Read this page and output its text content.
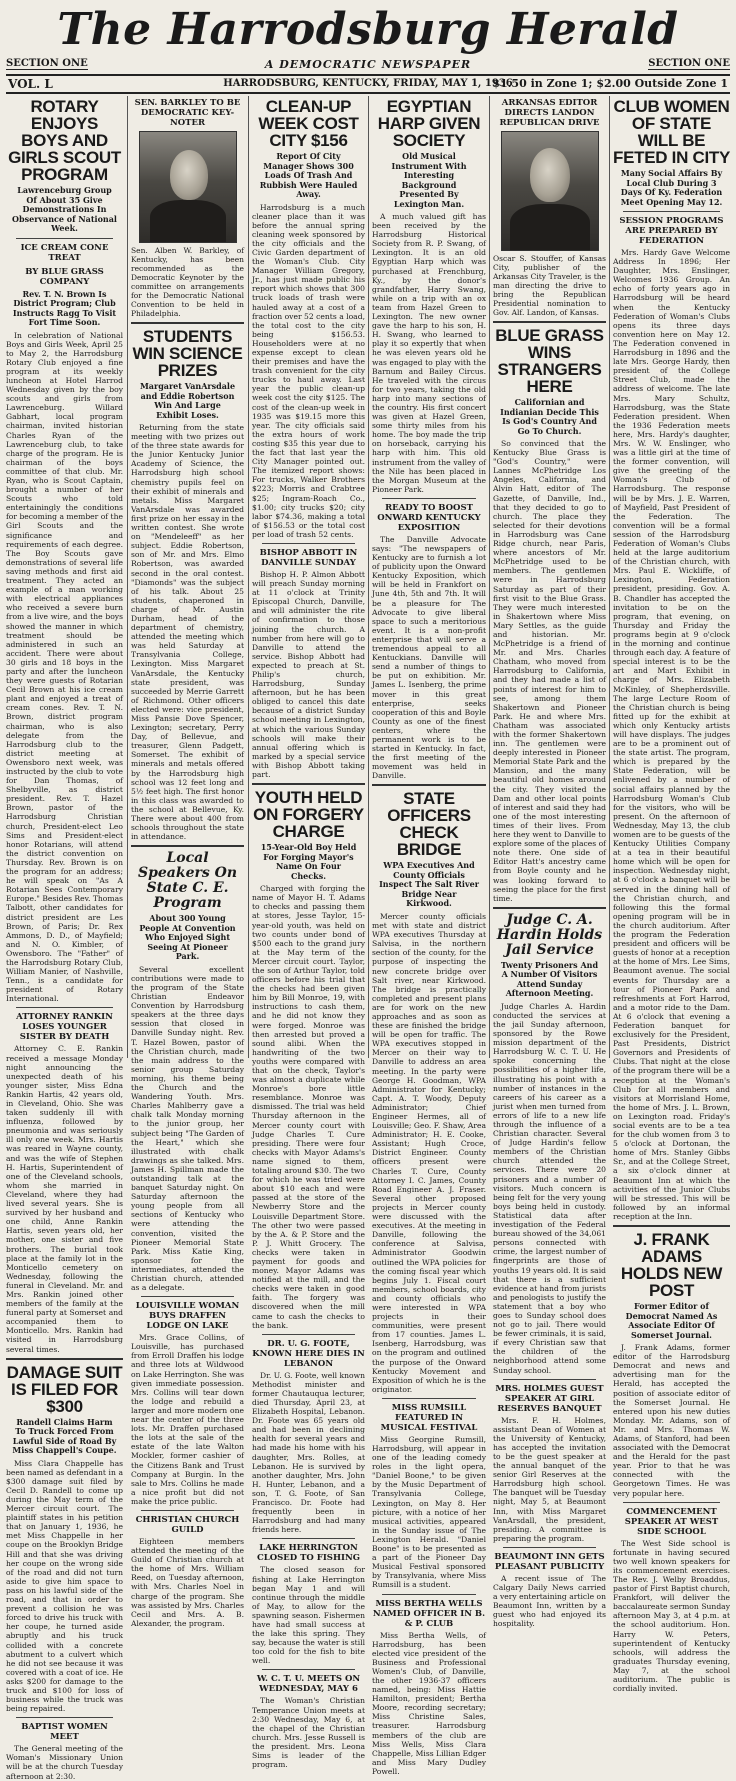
The Harrodsburg Herald
A DEMOCRATIC NEWSPAPER
SECTION ONE	SECTION ONE
HARRODSBURG, KENTUCKY, FRIDAY, MAY 1, 1936
VOL. L	$1.50 in Zone 1; $2.00 Outside Zone 1
ROTARY ENJOYS BOYS AND GIRLS SCOUT PROGRAM
Lawrenceburg Group Of About 35 Give Demonstrations In Observance of National Week.
ICE CREAM CONE TREAT
BY BLUE GRASS COMPANY
Rev. T. N. Brown Is District Program; Club Instructs Ragg To Visit Fort Time Soon.

In celebration of National Boys and Girls Week, April 25 to May 2, the Harrodsburg Rotary Club enjoyed a fine program at its weekly luncheon at Hotel Harrod Wednesday given by the boy scouts and girls from Lawrenceburg. Willard Gabhart, local program chairman, invited historian Charles Ryan of the Lawrenceburg club, to take charge of the program. He is chairman of the boys committee of that club. Mr. Ryan, who is Scout Captain, brought a number of her Scouts who told entertainingly the conditions for becoming a member of the Girl Scouts and the significance and requirements of each degree. The Boy Scouts gave demonstrations of several life saving methods and first aid treatment. They acted an example of a man working with electrical appliances who received a severe burn from a live wire, and the boys showed the manner in which treatment should be administered in such an accident. There were about 30 girls and 18 boys in the party and after the luncheon they were guests of Rotarian Cecil Brown at his ice cream plant and enjoyed a treat of cream cones. Rev. T. N. Brown, district program chairman, who is also delegate from the Harrodsburg club to the district meeting at Owensboro next week, was instructed by the club to vote for Dan Thomas, of Shelbyville, as district president. Rev. T. Hazel Brown, pastor of the Harrodsburg Christian church, President-elect Leo Sims and President-elect honor Rotarians, will attend the district convention on Thursday. Rev. Brown is on the program for an address; he will speak on "As A Rotarian Sees Contemporary Europe." Besides Rev. Thomas Talbott, other candidates for district president are Les Brown, of Paris; Dr. Rex Ammons, D. D., of Mayfield; and N. O. Kimbler, of Owensboro. The "Father" of the Harrodsburg Rotary Club, William Manier, of Nashville, Tenn., is a candidate for president of Rotary International.

ATTORNEY RANKIN LOSES YOUNGER SISTER BY DEATH

Attorney C. E. Rankin received a message Monday night announcing the unexpected death of his younger sister, Miss Edna Rankin Hartis, 42 years old, in Cleveland, Ohio. She was taken suddenly ill with influenza, followed by pneumonia and was seriously ill only one week. Mrs. Hartis was reared in Wayne county, and was the wife of Stephen H. Hartis, Superintendent of one of the Cleveland schools, whom she married in Cleveland, where they had lived several years. She is survived by her husband and one child, Anne Rankin Hartis, seven years old, her mother, one sister and five brothers. The burial took place at the family lot in the Monticello cemetery on Wednesday, following the funeral in Cleveland. Mr. and Mrs. Rankin joined other members of the family at the funeral party at Somerset and accompanied them to Monticello. Mrs. Rankin had visited in Harrodsburg several times.

DAMAGE SUIT IS FILED FOR $300
Randell Claims Harm To Truck Forced From Lawful Side of Road By Miss Chappell's Coupe.

Miss Clara Chappelle has been named as defendant in a $300 damage suit filed by Cecil D. Randell to come up during the May term of the Mercer circuit court. The plaintiff states in his petition that on January 1, 1936, he met Miss Chappelle in her coupe on the Brooklyn Bridge Hill and that she was driving her coupe on the wrong side of the road and did not turn aside to give him space to pass on his lawful side of the road, and that in order to prevent a collision he was forced to drive his truck with her coupe, he turned aside abruptly and his truck collided with a concrete abutment to a culvert which he did not see because it was covered with a coat of ice. He asks $200 for damage to the truck and $100 for loss of business while the truck was being repaired.

BAPTIST WOMEN MEET

The General meeting of the Woman's Missionary Union will be at the church Tuesday afternoon at 2:30.

SEN. BARKLEY TO BE DEMOCRATIC KEY-NOTER
Sen. Alben W. Barkley, of Kentucky, has been recommended as the Democratic Keynoter by the committee on arrangements for the Democratic National Convention to be held in Philadelphia.
STUDENTS WIN SCIENCE PRIZES
Margaret VanArsdale and Eddie Robertson Win And Large Exhibit Loses.

Returning from the state meeting with two prizes out of the three state awards for the Junior Kentucky Junior Academy of Science, the Harrodsburg high school chemistry pupils feel on their exhibit of minerals and metals. Miss Margaret VanArsdale was awarded first prize on her essay in the written contest. She wrote on "Mendeleeff" as her subject. Eddie Robertson, son of Mr. and Mrs. Elmo Robertson, was awarded second in the oral contest. "Diamonds" was the subject of his talk. About 25 students, chaperoned in charge of Mr. Austin Durham, head of the department of chemistry, attended the meeting which was held Saturday at Transylvania College, Lexington. Miss Margaret VanArsdale, the Kentucky state president, was succeeded by Merrie Garrett of Richmond. Other officers elected were: vice president, Miss Pansie Dove Spencer, Lexington; secretary, Perry Day, of Bellevue, and treasurer, Glenn Padgett, Somerset. The exhibit of minerals and metals offered by the Harrodsburg high school was 12 feet long and 5½ feet high. The first honor in this class was awarded to the school at Bellevue, Ky. There were about 400 from schools throughout the state in attendance.

Local Speakers On State C. E. Program
About 300 Young People At Convention Who Enjoyed Sight Seeing At Pioneer Park.

Several excellent contributions were made to the program of the State Christian Endeavor Convention by Harrodsburg speakers at the three days session that closed in Danville Sunday night. Rev. T. Hazel Bowen, pastor of the Christian church, made the main address to the senior group Saturday morning, his theme being the Church and the Wandering Youth. Mrs. Charles Mahlberry gave a chalk talk Monday morning to the junior group, her subject being "The Garden of the Heart," which she illustrated with chalk drawings as she talked. Mrs. James H. Spillman made the outstanding talk at the banquet Saturday night. On Saturday afternoon the young people from all sections of Kentucky who were attending the convention, visited the Pioneer Memorial State Park. Miss Katie King, sponsor for the intermediates, attended the Christian church, attended as a delegate.

LOUISVILLE WOMAN BUYS DRAFFEN LODGE ON LAKE

Mrs. Grace Collins, of Louisville, has purchased from Erroll Draffen his lodge and three lots at Wildwood on Lake Herrington. She was given immediate possession. Mrs. Collins will tear down the lodge and rebuild a larger and more modern one near the center of the three lots. Mr. Draffen purchased the lots at the sale of the estate of the late Walton Mockler, former cashier of the Citizens Bank and Trust Company at Burgin. In the sale to Mrs. Collins he made a nice profit but did not make the price public.

CHRISTIAN CHURCH GUILD

Eighteen members attended the meeting of the Guild of Christian church at the home of Mrs. William Reed, on Tuesday afternoon, with Mrs. Charles Noel in charge of the program. She was assisted by Mrs. Charles Cecil and Mrs. A. B. Alexander, the program.

CLEAN-UP WEEK COST CITY $156
Report Of City Manager Shows 300 Loads Of Trash And Rubbish Were Hauled Away.

Harrodsburg is a much cleaner place than it was before the annual spring cleaning week sponsored by the city officials and the Civic Garden department of the Woman's Club. City Manager William Gregory, Jr., has just made public his report which shows that 300 truck loads of trash were hauled away at a cost of a fraction over 52 cents a load, the total cost to the city being $156.53. Householders were at no expense except to clean their premises and have the trash convenient for the city trucks to haul away. Last year the public clean-up week cost the city $125. The cost of the clean-up week in 1935 was $19.15 more this year. The city officials said the extra hours of work costing $35 this year due to the fact that last year the City Manager pointed out. The itemized report shows: For trucks, Walker Brothers $223; Morris and Crabtree $25; Ingram-Roach Co., $1.00; city trucks $20; city labor $74.36, making a total of $156.53 or the total cost per load of trash 52 cents.

BISHOP ABBOTT IN DANVILLE SUNDAY

Bishop H. P. Almon Abbott will preach Sunday morning at 11 o'clock at Trinity Episcopal Church, Danville, and will administer the rite of confirmation to those joining the church. A number from here will go to Danville to attend the service. Bishop Abbott had expected to preach at St. Philip's church, Harrodsburg, Sunday afternoon, but he has been obliged to cancel this date because of a district Sunday school meeting in Lexington, at which the various Sunday schools will make their annual offering which is marked by a special service with Bishop Abbott taking part.

YOUTH HELD ON FORGERY CHARGE
15-Year-Old Boy Held For Forging Mayor's Name On Four Checks.

Charged with forging the name of Mayor H. T. Adams to checks and passing them at stores, Jesse Taylor, 15-year-old youth, was held on two counts under bond of $500 each to the grand jury at the May term of the Mercer circuit court. Taylor, the son of Arthur Taylor, told officers before his trial that the checks had been given him by Bill Monroe, 19, with instructions to cash them, and he did not know they were forged. Monroe was then arrested but proved a sound alibi. When the handwriting of the two youths were compared with that on the check, Taylor's was almost a duplicate while Monroe's bore little resemblance. Monroe was dismissed. The trial was held Thursday afternoon in the Mercer county court with Judge Charles T. Cure presiding. There were four checks with Mayor Adams's name signed to them, totaling around $30. The two for which he was tried were about $10 each and were passed at the store of the Newberry Store and the Louisville Department Store. The other two were passed by the A. & P. Store and the P. J. Whitt Grocery. The checks were taken in payment for goods and money. Mayor Adams was notified at the mill, and the checks were taken in good faith. The forgery was discovered when the mill came to cash the checks to the bank.

DR. U. G. FOOTE, KNOWN HERE DIES IN LEBANON

Dr. U. G. Foote, well known Methodist minister and former Chautauqua lecturer, died Thursday, April 23, at Elizabeth Hospital, Lebanon. Dr. Foote was 65 years old and had been in declining health for several years and had made his home with his daughter, Mrs. Rolles, at Lebanon. He is survived by another daughter, Mrs. John H. Hunter, Lebanon, and a son, T. G. Foote, of San Francisco. Dr. Foote had frequently been in Harrodsburg and had many friends here.

LAKE HERRINGTON CLOSED TO FISHING

The closed season for fishing at Lake Herrington began May 1 and will continue through the middle of May, to allow for the spawning season. Fishermen have had small success at the lake this spring. They say, because the water is still too cold for the fish to bite well.

W. C. T. U. MEETS ON WEDNESDAY, MAY 6

The Woman's Christian Temperance Union meets at 2:30 Wednesday, May 6, at the chapel of the Christian church. Mrs. Jesse Russell is the president. Mrs. Leona Sims is leader of the program.

EGYPTIAN HARP GIVEN SOCIETY
Old Musical Instrument With Interesting Background Presented By Lexington Man.

A much valued gift has been received by the Harrodsburg Historical Society from R. P. Swang, of Lexington. It is an old Egyptian Harp which was purchased at Frenchburg, Ky., by the donor's grandfather, Harry Swang, while on a trip with an ox team from Hazel Green to Lexington. The new owner gave the harp to his son, H. H. Swang, who learned to play it so expertly that when he was eleven years old he was engaged to play with the Barnum and Bailey Circus. He traveled with the circus for two years, taking the old harp into many sections of the country. His first concert was given at Hazel Green, some thirty miles from his home. The boy made the trip on horseback, carrying his harp with him. This old instrument from the valley of the Nile has been placed in the Morgan Museum at the Pioneer Park.

READY TO BOOST ONWARD KENTUCKY EXPOSITION

The Danville Advocate says: "The newspapers of Kentucky are to furnish a lot of publicity upon the Onward Kentucky Exposition, which will be held in Frankfort on June 4th, 5th and 7th. It will be a pleasure for The Advocate to give liberal space to such a meritorious event. It is a non-profit enterprise that will serve a tremendous appeal to all Kentuckians. Danville will send a number of things to be put on exhibition. Mr. James L. Isenberg, the prime mover in this great enterprise, seeks cooperation of this and Boyle County as one of the finest centers, where the permanent work is to be started in Kentucky. In fact, the first meeting of the movement was held in Danville.

STATE OFFICERS CHECK BRIDGE
WPA Executives And County Officials Inspect The Salt River Bridge Near Kirkwood.

Mercer county officials met with state and district WPA executives Thursday at Salvisa, in the northern section of the county, for the purpose of inspecting the new concrete bridge over Salt river, near Kirkwood. The bridge is practically completed and present plans are for work on the new approaches and as soon as these are finished the bridge will be open for traffic. The WPA executives stopped in Mercer on their way to Danville to address an area meeting. In the party were George H. Goodman, WPA Administrator for Kentucky; Capt. A. T. Woody, Deputy Administrator; Chief Engineer Hermes, all of Louisville; Geo. F. Shaw, Area Administrator; H. E. Cooke, Assistant; Hugh Croce, District Engineer. County officers present were Charles T. Cure, County Attorney I. C. James, County Road Engineer A. J. Fraser. Several other proposed projects in Mercer county were discussed with the executives. At the meeting in Danville, following the conference at Salvisa, Administrator Goodwin outlined the WPA policies for the coming fiscal year which begins July 1. Fiscal court members, school boards, city and county officials who were interested in WPA projects in their communities, were present from 17 counties. James L. Isenberg, Harrodsburg, was on the program and outlined the purpose of the Onward Kentucky Movement and Exposition of which he is the originator.

MISS RUMSILL FEATURED IN MUSICAL FESTIVAL

Miss Georgine Rumsill, Harrodsburg, will appear in one of the leading comedy roles in the light opera, "Daniel Boone," to be given by the Music Department of Transylvania College, Lexington, on May 8. Her picture, with a notice of her musical activities, appeared in the Sunday issue of The Lexington Herald. "Daniel Boone" is to be presented as a part of the Pioneer Day Musical Festival sponsored by Transylvania, where Miss Rumsill is a student.

MISS BERTHA WELLS NAMED OFFICER IN B. & P. CLUB

Miss Bertha Wells, of Harrodsburg, has been elected vice president of the Business and Professional Women's Club, of Danville, the other 1936-37 officers named, being: Miss Hattie Hamilton, president; Bertha Moore, recording secretary; Miss Christine Sales, treasurer. Harrodsburg members of the club are Miss Wells, Miss Clara Chappelle, Miss Lillian Edger and Miss Mary Dudley Powell.

ARKANSAS EDITOR DIRECTS LANDON REPUBLICAN DRIVE
Oscar S. Stouffer, of Kansas City, publisher of the Arkansas City Traveler, is the man directing the drive to bring the Republican Presidential nomination to Gov. Alf. Landon, of Kansas.
BLUE GRASS WINS STRANGERS HERE
Californian and Indianian Decide This Is God's Country And Go To Church.

So convinced that the Kentucky Blue Grass is "God's Country," were Lannes McPhetridge Los Angeles, California, and Alvin Hatt, editor of The Gazette, of Danville, Ind., that they decided to go to church. The place they selected for their devotions in Harrodsburg was Cane Ridge church, near Paris, where ancestors of Mr. McPhetridge used to be members. The gentlemen were in Harrodsburg Saturday as part of their first visit to the Blue Grass. They were much interested in Shakertown where Miss Mary Settles, as the guide and historian. Mr. McPhetridge is a friend of Mr. and Mrs. Charles Chatham, who moved from Harrodsburg to California, and they had made a list of points of interest for him to see, among them Shakertown and Pioneer Park. He and where Mrs. Chatham was associated with the former Shakertown inn. The gentlemen were deeply interested in Pioneer Memorial State Park and the Mansion, and the many beautiful old homes around the city. They visited the Dam and other local points of interest and said they had one of the most interesting times of their lives. From here they went to Danville to explore some of the places of note there. One side of Editor Hatt's ancestry came from Boyle county and he was looking forward to seeing the place for the first time.

Judge C. A. Hardin Holds Jail Service
Twenty Prisoners And A Number Of Visitors Attend Sunday Afternoon Meeting.

Judge Charles A. Hardin conducted the services at the jail Sunday afternoon, sponsored by the Rowe mission department of the Harrodsburg W. C. T. U. He spoke concerning the possibilities of a higher life, illustrating his point with a number of instances in the careers of his career as a jurist when men turned from errors of life to a new life through the influence of a Christian character. Several of Judge Hardin's fellow members of the Christian church attended the services. There were 20 prisoners and a number of visitors. Much concern is being felt for the very young boys being held in custody. Statistical data after investigation of the Federal bureau showed of the 34,061 persons connected with crime, the largest number of fingerprints are those of youths 19 years old. It is said that there is a sufficient evidence at hand from jurists and penologists to justify the statement that a boy who goes to Sunday school does not go to jail. There would be fewer criminals, it is said, if every Christian saw that the children of the neighborhood attend some Sunday school.

MRS. HOLMES GUEST SPEAKER AT GIRL RESERVES BANQUET

Mrs. F. H. Holmes, assistant Dean of Women at the University of Kentucky, has accepted the invitation to be the guest speaker at the annual banquet of the senior Girl Reserves at the Harrodsburg high school. The banquet will be Tuesday night, May 5, at Beaumont Inn, with Miss Margaret VanArsdall, the president, presiding. A committee is preparing the program.

BEAUMONT INN GETS PLEASANT PUBLICITY

A recent issue of The Calgary Daily News carried a very entertaining article on Beaumont Inn, written by a guest who had enjoyed its hospitality.

CLUB WOMEN OF STATE WILL BE FETED IN CITY
Many Social Affairs By Local Club During 3 Days Of Ky. Federation Meet Opening May 12.
SESSION PROGRAMS ARE PREPARED BY FEDERATION

Mrs. Hardy Gave Welcome Address In 1896; Her Daughter, Mrs. Enslinger, Welcomes 1936 Group. An echo of forty years ago in Harrodsburg will be heard when the Kentucky Federation of Woman's Clubs opens its three days convention here on May 12. The Federation convened in Harrodsburg in 1896 and the late Mrs. George Hardy, then president of the College Street Club, made the address of welcome. The late Mrs. Mary Schultz, Harrodsburg, was the State Federation president. When the 1936 Federation meets here, Mrs. Hardy's daughter, Mrs. W. W. Enslinger, who was a little girl at the time of the former convention, will give the greeting of the Woman's Club of Harrodsburg. The response will be by Mrs. J. E. Warren, of Mayfield, Past President of the Federation. The convention will be a formal session of the Harrodsburg Federation of Woman's Clubs held at the large auditorium of the Christian church, with Mrs. Paul E. Wickliffe, of Lexington, Federation president, presiding. Gov. A. B. Chandler has accepted the invitation to be on the program, that evening, on Thursday and Friday the programs begin at 9 o'clock in the morning and continue through each day. A feature of special interest is to be the art and Mart Exhibit in charge of Mrs. Elizabeth McKinley, of Shepherdsville. The large Lecture Room of the Christian church is being fitted up for the exhibit at which only Kentucky artists will have displays. The judges are to be a prominent out of the state artist. The program, which is prepared by the State Federation, will be enlivened by a number of social affairs planned by the Harrodsburg Woman's Club for the visitors, who will be present. On the afternoon of Wednesday, May 13, the club women are to be guests of the Kentucky Utilities Company at a tea in their beautiful home which will be open for inspection. Wednesday night, at 6 o'clock a banquet will be served in the dining hall of the Christian church, and following this the formal opening program will be in the church auditorium. After the program the Federation president and officers will be guests of honor at a reception at the home of Mrs. Lee Sims, Beaumont avenue. The social events for Thursday are a tour of Pioneer Park and refreshments at Fort Harrod, and a motor ride to the Dam. At 6 o'clock that evening a Federation banquet for exclusively for the President, Past Presidents, District Governors and Presidents of Clubs. That night at the close of the program there will be a reception at the Woman's Club for all members and visitors at Morrisland Home, the home of Mrs. J. L. Brown, on Lexington road. Friday's social events are to be a tea for the club women from 3 to 5 o'clock at Dortonan, the home of Mrs. Stanley Gibbs Sr., and at the College Street, a six o'clock dinner at Beaumont Inn at which the activities of the Junior Clubs will be stressed. This will be followed by an informal reception at the Inn.

J. FRANK ADAMS HOLDS NEW POST
Former Editor of Democrat Named As Associate Editor Of Somerset Journal.

J. Frank Adams, former editor of the Harrodsburg Democrat and news and advertising man for the Herald, has accepted the position of associate editor of the Somerset Journal. He entered upon his new duties Monday. Mr. Adams, son of Mr. and Mrs. Thomas W. Adams, of Stanford, had been associated with the Democrat and the Herald for the past year. Prior to that he was connected with the Georgetown Times. He was very popular here.

COMMENCEMENT SPEAKER AT WEST SIDE SCHOOL

The West Side school is fortunate in having secured two well known speakers for its commencement exercises. The Rev. J. Welby Broaddus, pastor of First Baptist church, Frankfort, will deliver the baccalaureate sermon Sunday afternoon May 3, at 4 p.m. at the school auditorium. Hon. Harry W. Peters, superintendent of Kentucky schools, will address the graduates Thursday evening, May 7, at the school auditorium. The public is cordially invited.
